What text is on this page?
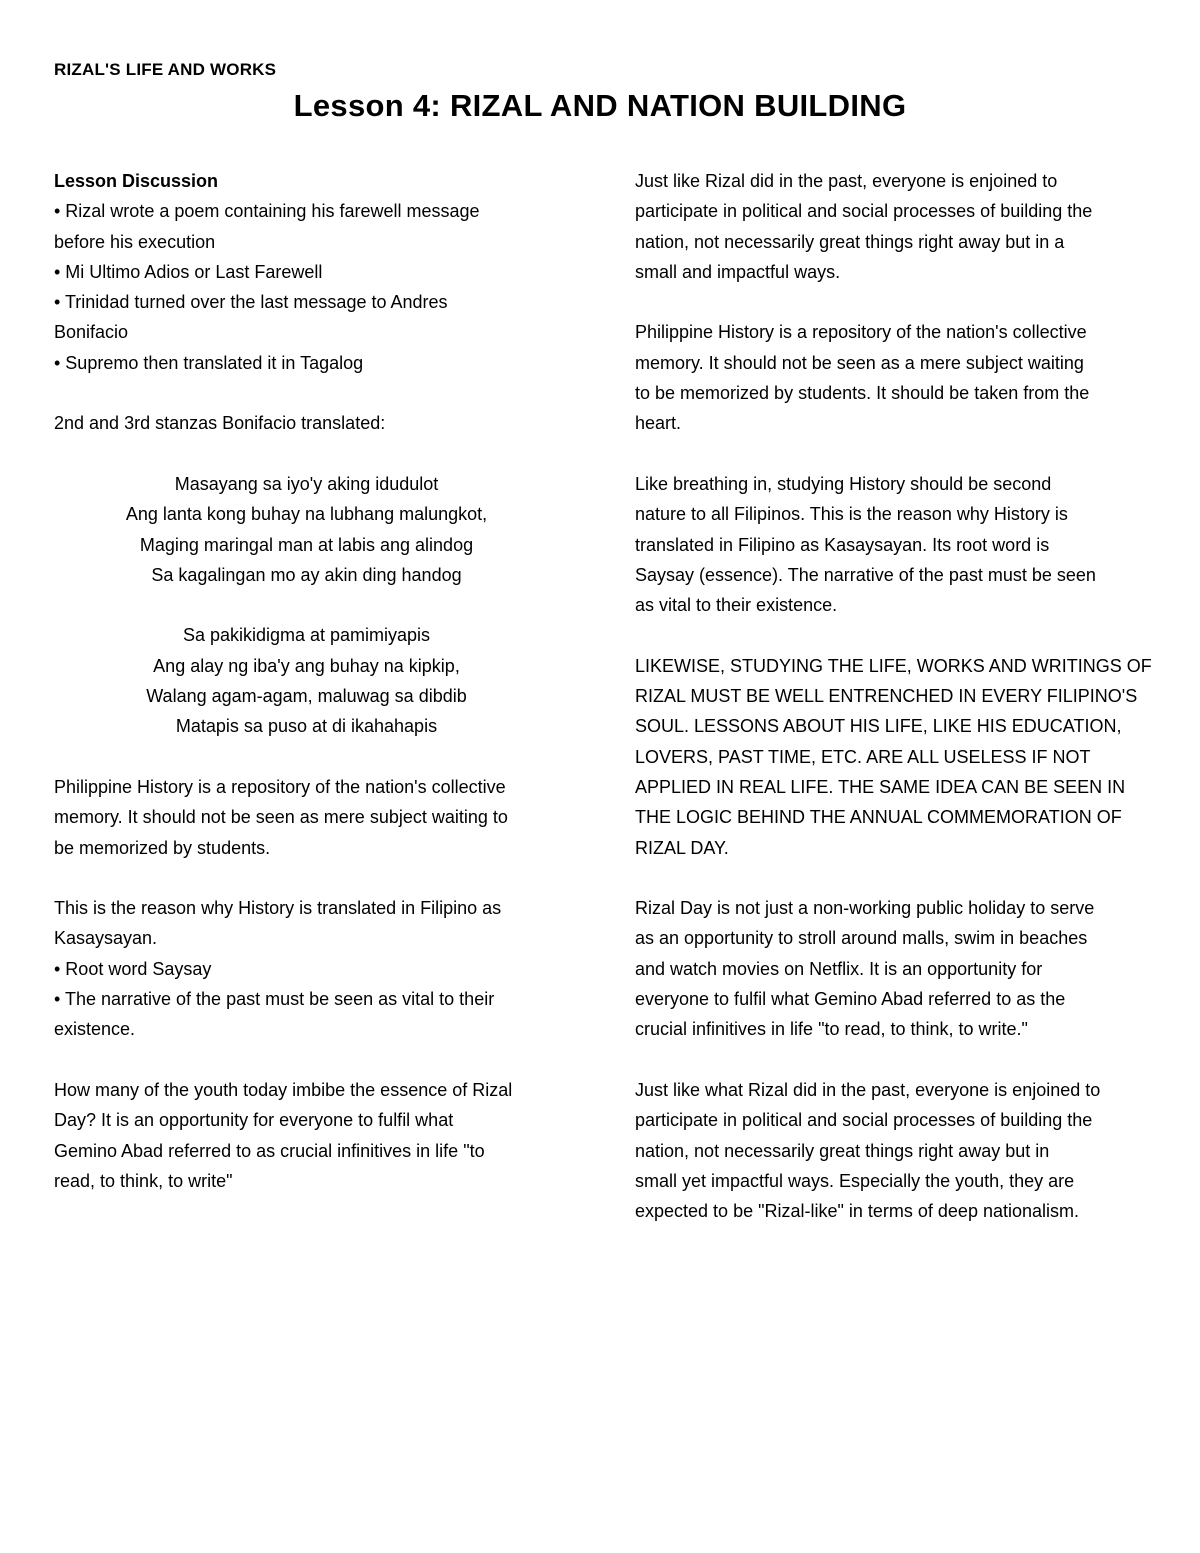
RIZAL'S LIFE AND WORKS
Lesson 4: RIZAL AND NATION BUILDING
Lesson Discussion
• Rizal wrote a poem containing his farewell message
before his execution
• Mi Ultimo Adios or Last Farewell
• Trinidad turned over the last message to Andres
Bonifacio
• Supremo then translated it in Tagalog
2nd and 3rd stanzas Bonifacio translated:
Masayang sa iyo'y aking idudulot
Ang lanta kong buhay na lubhang malungkot,
Maging maringal man at labis ang alindog
Sa kagalingan mo ay akin ding handog
Sa pakikidigma at pamimiyapis
Ang alay ng iba'y ang buhay na kipkip,
Walang agam-agam, maluwag sa dibdib
Matapis sa puso at di ikahahapis
Philippine History is a repository of the nation's collective
memory. It should not be seen as mere subject waiting to
be memorized by students.
This is the reason why History is translated in Filipino as
Kasaysayan.
• Root word Saysay
• The narrative of the past must be seen as vital to their
existence.
How many of the youth today imbibe the essence of Rizal
Day? It is an opportunity for everyone to fulfil what
Gemino Abad referred to as crucial infinitives in life "to
read, to think, to write"
Just like Rizal did in the past, everyone is enjoined to
participate in political and social processes of building the
nation, not necessarily great things right away but in a
small and impactful ways.
Philippine History is a repository of the nation's collective
memory. It should not be seen as a mere subject waiting
to be memorized by students. It should be taken from the
heart.
Like breathing in, studying History should be second
nature to all Filipinos. This is the reason why History is
translated in Filipino as Kasaysayan. Its root word is
Saysay (essence). The narrative of the past must be seen
as vital to their existence.
LIKEWISE, STUDYING THE LIFE, WORKS AND WRITINGS OF
RIZAL MUST BE WELL ENTRENCHED IN EVERY FILIPINO'S
SOUL. LESSONS ABOUT HIS LIFE, LIKE HIS EDUCATION,
LOVERS, PAST TIME, ETC. ARE ALL USELESS IF NOT
APPLIED IN REAL LIFE. THE SAME IDEA CAN BE SEEN IN
THE LOGIC BEHIND THE ANNUAL COMMEMORATION OF
RIZAL DAY.
Rizal Day is not just a non-working public holiday to serve
as an opportunity to stroll around malls, swim in beaches
and watch movies on Netflix. It is an opportunity for
everyone to fulfil what Gemino Abad referred to as the
crucial infinitives in life "to read, to think, to write."
Just like what Rizal did in the past, everyone is enjoined to
participate in political and social processes of building the
nation, not necessarily great things right away but in
small yet impactful ways. Especially the youth, they are
expected to be "Rizal-like" in terms of deep nationalism.
